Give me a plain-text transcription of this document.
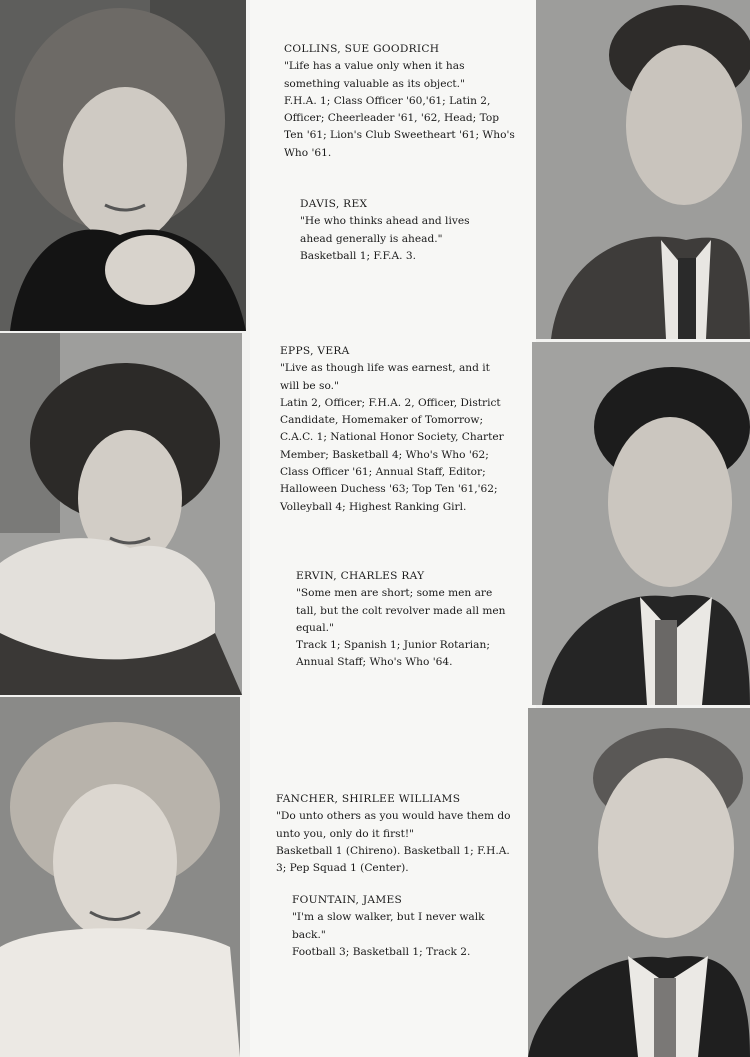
COLLINS, SUE GOODRICH
"Life has a value only when it has something valuable as its object."
F.H.A. 1; Class Officer '60,'61; Latin 2, Officer; Cheerleader '61, '62, Head; Top Ten '61; Lion's Club Sweetheart '61; Who's Who '61.
DAVIS, REX
"He who thinks ahead and lives ahead generally is ahead."
Basketball 1; F.F.A. 3.
EPPS, VERA
"Live as though life was earnest, and it will be so."
Latin 2, Officer; F.H.A. 2, Officer, District Candidate, Homemaker of Tomorrow; C.A.C. 1; National Honor Society, Charter Member; Basketball 4; Who's Who '62; Class Officer '61; Annual Staff, Editor; Halloween Duchess '63; Top Ten '61,'62; Volleyball 4; Highest Ranking Girl.
ERVIN, CHARLES RAY
"Some men are short; some men are tall, but the colt revolver made all men equal."
Track 1; Spanish 1; Junior Rotarian; Annual Staff; Who's Who '64.
FANCHER, SHIRLEE WILLIAMS
"Do unto others as you would have them do unto you, only do it first!"
Basketball 1 (Chireno). Basketball 1; F.H.A. 3; Pep Squad 1 (Center).
FOUNTAIN, JAMES
"I'm a slow walker, but I never walk back."
Football 3; Basketball 1; Track 2.
